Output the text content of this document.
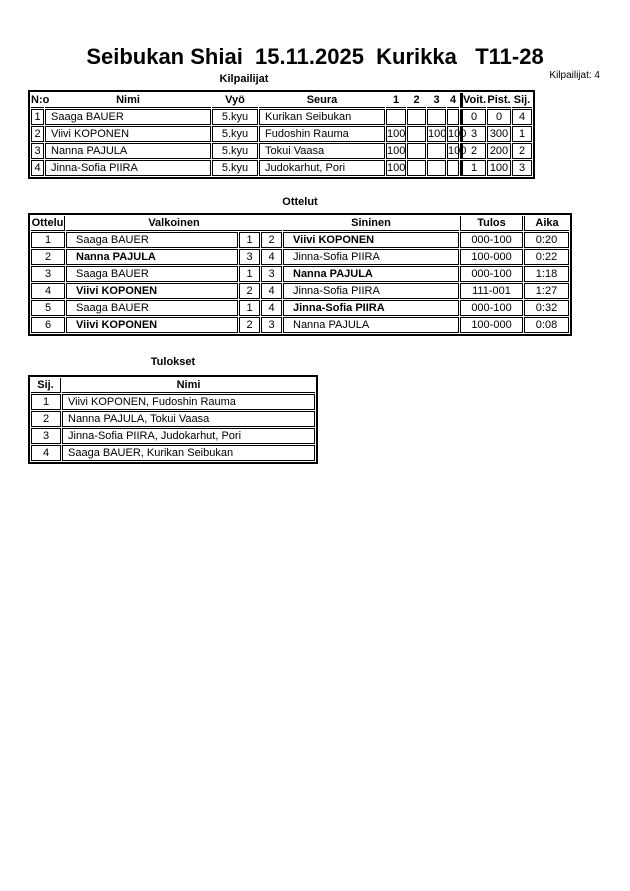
Seibukan Shiai  15.11.2025  Kurikka   T11-28
Kilpailijat: 4
Kilpailijat
N:o	Nimi	Vyö	Seura	1	2	3	4	Voit.	Pist.	Sij.
1	Saaga BAUER	5.kyu	Kurikan Seibukan					0	0	4
2	Viivi KOPONEN	5.kyu	Fudoshin Rauma	100		100	100	3	300	1
3	Nanna PAJULA	5.kyu	Tokui Vaasa	100			100	2	200	2
4	Jinna-Sofia PIIRA	5.kyu	Judokarhut, Pori	100				1	100	3
Ottelut
Ottelu	Valkoinen			Sininen	Tulos	Aika
1	Saaga BAUER	1	2	Viivi KOPONEN	000-100	0:20
2	Nanna PAJULA	3	4	Jinna-Sofia PIIRA	100-000	0:22
3	Saaga BAUER	1	3	Nanna PAJULA	000-100	1:18
4	Viivi KOPONEN	2	4	Jinna-Sofia PIIRA	111-001	1:27
5	Saaga BAUER	1	4	Jinna-Sofia PIIRA	000-100	0:32
6	Viivi KOPONEN	2	3	Nanna PAJULA	100-000	0:08
Tulokset
Sij.	Nimi
1	Viivi KOPONEN, Fudoshin Rauma
2	Nanna PAJULA, Tokui Vaasa
3	Jinna-Sofia PIIRA, Judokarhut, Pori
4	Saaga BAUER, Kurikan Seibukan
